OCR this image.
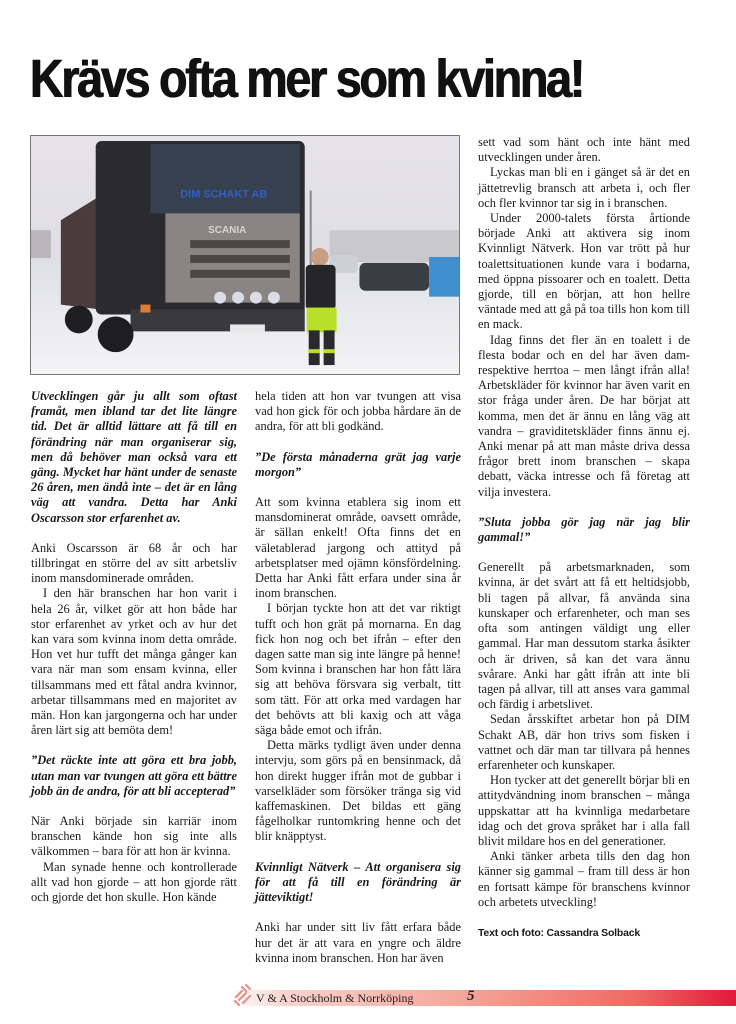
Krävs ofta mer som kvinna!
DIM SCHAKT AB
SCANIA

Utvecklingen går ju allt som oftast framåt, men ibland tar det lite längre tid. Det är alltid lättare att få till en förändring när man organiserar sig, men då behöver man också vara ett gäng. Mycket har hänt under de senaste 26 åren, men ändå inte – det är en lång väg att vandra. Detta har Anki Oscarsson stor erfarenhet av.

Anki Oscarsson är 68 år och har tillbringat en större del av sitt arbetsliv inom mansdominerade områden.

I den här branschen har hon varit i hela 26 år, vilket gör att hon både har stor erfarenhet av yrket och av hur det kan vara som kvinna inom detta område. Hon vet hur tufft det många gånger kan vara när man som ensam kvinna, eller tillsammans med ett fåtal andra kvinnor, arbetar tillsammans med en majoritet av män. Hon kan jargongerna och har under åren lärt sig att bemöta dem!

”Det räckte inte att göra ett bra jobb, utan man var tvungen att göra ett bättre jobb än de andra, för att bli accepterad”

När Anki började sin karriär inom branschen kände hon sig inte alls välkommen – bara för att hon är kvinna.

Man synade henne och kontrollerade allt vad hon gjorde – att hon gjorde rätt och gjorde det hon skulle. Hon kände

hela tiden att hon var tvungen att visa vad hon gick för och jobba hårdare än de andra, för att bli godkänd.

”De första månaderna grät jag varje morgon”

Att som kvinna etablera sig inom ett mansdominerat område, oavsett område, är sällan enkelt! Ofta finns det en väletablerad jargong och attityd på arbetsplatser med ojämn könsfördelning. Detta har Anki fått erfara under sina år inom branschen.

I början tyckte hon att det var riktigt tufft och hon grät på mornarna. En dag fick hon nog och bet ifrån – efter den dagen satte man sig inte längre på henne! Som kvinna i branschen har hon fått lära sig att behöva försvara sig verbalt, titt som tätt. För att orka med vardagen har det behövts att bli kaxig och att våga säga både emot och ifrån.

Detta märks tydligt även under denna intervju, som görs på en bensinmack, då hon direkt hugger ifrån mot de gubbar i varselkläder som försöker tränga sig vid kaffemaskinen. Det bildas ett gäng fågelholkar runtomkring henne och det blir knäpptyst.

Kvinnligt Nätverk – Att organisera sig för att få till en förändring är jätteviktigt!

Anki har under sitt liv fått erfara både hur det är att vara en yngre och äldre kvinna inom branschen. Hon har även

sett vad som hänt och inte hänt med utvecklingen under åren.

Lyckas man bli en i gänget så är det en jättetrevlig bransch att arbeta i, och fler och fler kvinnor tar sig in i branschen.

Under 2000-talets första årtionde började Anki att aktivera sig inom Kvinnligt Nätverk. Hon var trött på hur toalettsituationen kunde vara i bodarna, med öppna pissoarer och en toalett. Detta gjorde, till en början, att hon hellre väntade med att gå på toa tills hon kom till en mack.

Idag finns det fler än en toalett i de flesta bodar och en del har även dam- respektive herrtoa – men långt ifrån alla! Arbetskläder för kvinnor har även varit en stor fråga under åren. De har börjat att komma, men det är ännu en lång väg att vandra – graviditetskläder finns ännu ej. Anki menar på att man måste driva dessa frågor brett inom branschen – skapa debatt, väcka intresse och få företag att vilja investera.

”Sluta jobba gör jag när jag blir gammal!”

Generellt på arbetsmarknaden, som kvinna, är det svårt att få ett heltidsjobb, bli tagen på allvar, få använda sina kunskaper och erfarenheter, och man ses ofta som antingen väldigt ung eller gammal. Har man dessutom starka åsikter och är driven, så kan det vara ännu svårare. Anki har gått ifrån att inte bli tagen på allvar, till att anses vara gammal och färdig i arbetslivet.

Sedan årsskiftet arbetar hon på DIM Schakt AB, där hon trivs som fisken i vattnet och där man tar tillvara på hennes erfarenheter och kunskaper.

Hon tycker att det generellt börjar bli en attitydvändning inom branschen – många uppskattar att ha kvinnliga medarbetare idag och det grova språket har i alla fall blivit mildare hos en del generationer.

Anki tänker arbeta tills den dag hon känner sig gammal – fram till dess är hon en fortsatt kämpe för branschens kvinnor och arbetets utveckling!

Text och foto: Cassandra Solback

V & A Stockholm & Norrköping	5
